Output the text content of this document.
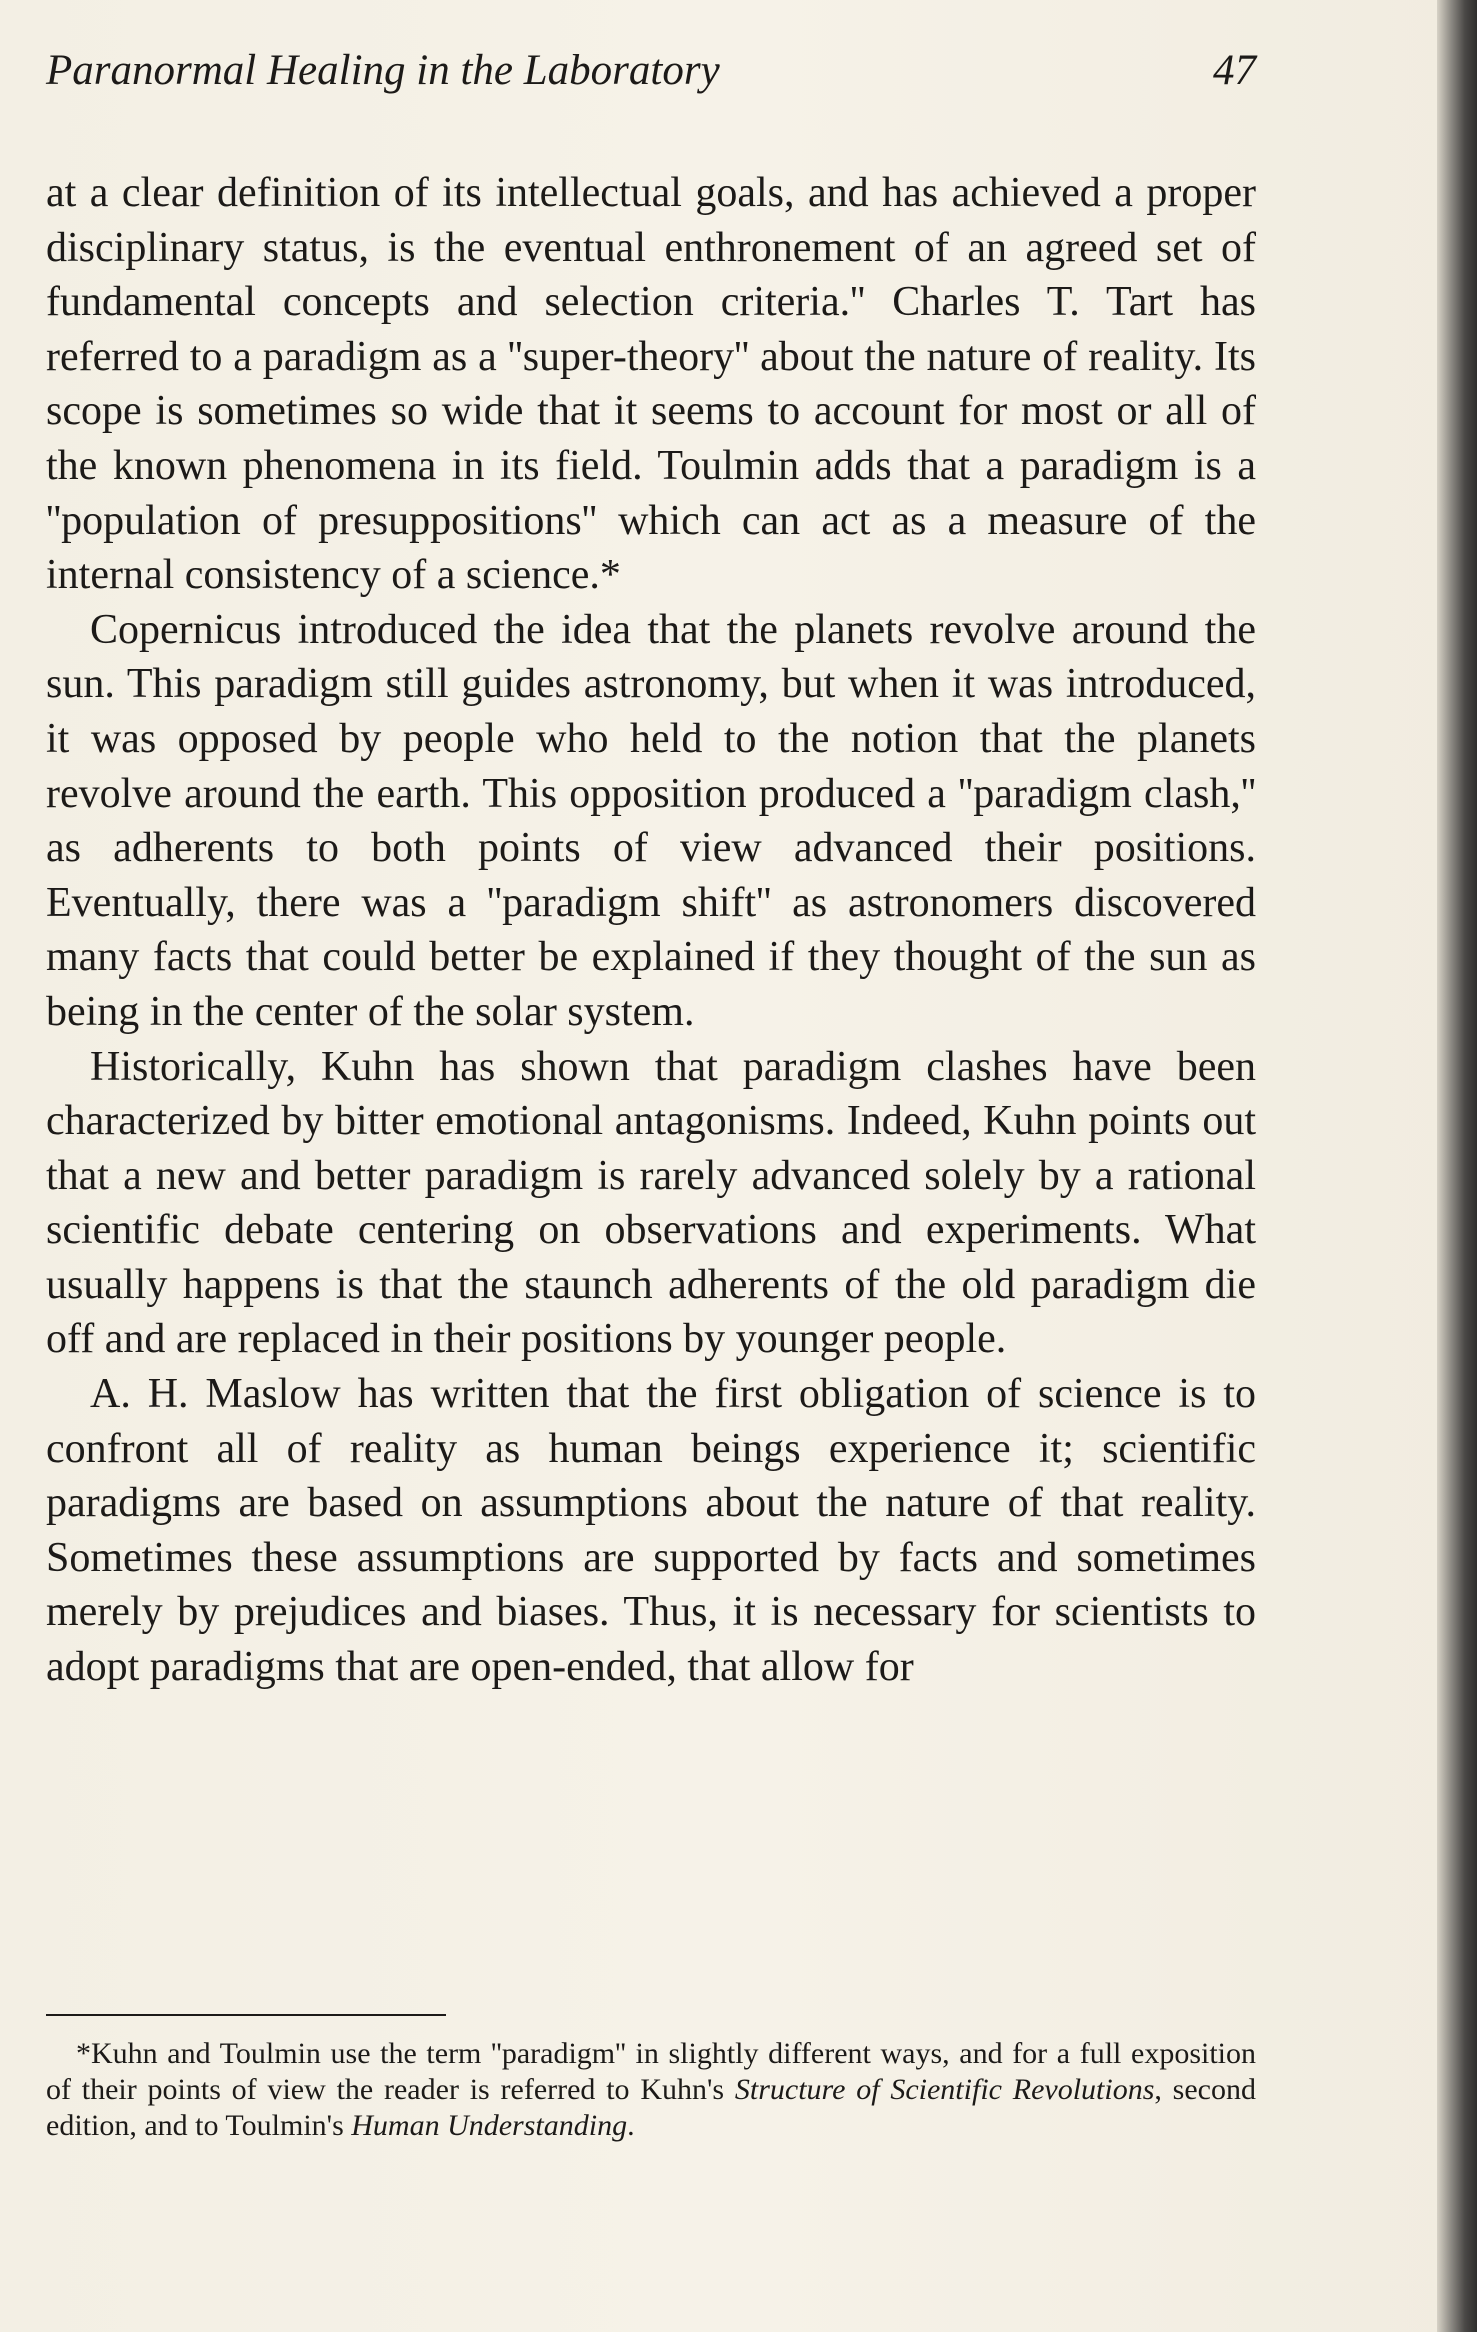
Paranormal Healing in the Laboratory	47

at a clear definition of its intellectual goals, and has achieved a proper disciplinary status, is the eventual enthronement of an agreed set of fundamental concepts and selection criteria.'' Charles T. Tart has referred to a paradigm as a ''super-theory'' about the nature of reality. Its scope is sometimes so wide that it seems to account for most or all of the known phenomena in its field. Toulmin adds that a paradigm is a ''population of presuppositions'' which can act as a measure of the internal consistency of a science.*

Copernicus introduced the idea that the planets revolve around the sun. This paradigm still guides astronomy, but when it was introduced, it was opposed by people who held to the notion that the planets revolve around the earth. This opposition produced a ''paradigm clash,'' as adherents to both points of view advanced their positions. Eventually, there was a ''paradigm shift'' as astronomers discovered many facts that could better be explained if they thought of the sun as being in the center of the solar system.

Historically, Kuhn has shown that paradigm clashes have been characterized by bitter emotional antagonisms. Indeed, Kuhn points out that a new and better paradigm is rarely advanced solely by a rational scientific debate centering on observations and experiments. What usually happens is that the staunch adherents of the old paradigm die off and are replaced in their positions by younger people.

A. H. Maslow has written that the first obligation of science is to confront all of reality as human beings experience it; scientific paradigms are based on assumptions about the nature of that reality. Sometimes these assumptions are supported by facts and sometimes merely by prejudices and biases. Thus, it is necessary for scientists to adopt paradigms that are open-ended, that allow for

*Kuhn and Toulmin use the term ''paradigm'' in slightly different ways, and for a full exposition of their points of view the reader is referred to Kuhn's Structure of Scientific Revolutions, second edition, and to Toulmin's Human Understanding.
